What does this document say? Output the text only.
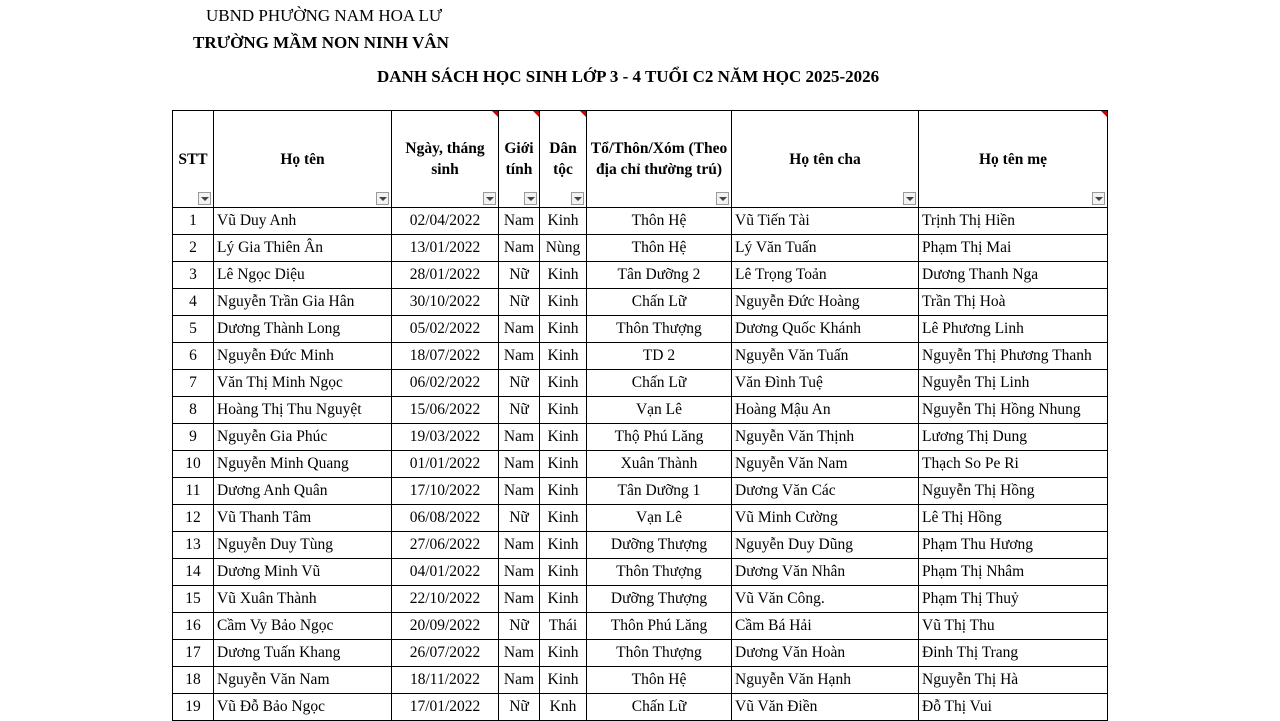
UBND PHƯỜNG NAM HOA LƯ
TRƯỜNG MẦM NON NINH VÂN
DANH SÁCH HỌC SINH LỚP 3 - 4 TUỔI C2 NĂM HỌC 2025-2026
STT	Họ tên	Ngày, tháng sinh	Giới tính	Dân tộc	Tổ/Thôn/Xóm (Theo địa chỉ thường trú)	Họ tên cha	Họ tên mẹ

1	Vũ Duy Anh	02/04/2022	Nam	Kinh	Thôn Hệ	Vũ Tiến Tài	Trịnh Thị Hiền
2	Lý Gia Thiên Ân	13/01/2022	Nam	Nùng	Thôn Hệ	Lý Văn Tuấn	Phạm Thị Mai
3	Lê Ngọc Diệu	28/01/2022	Nữ	Kinh	Tân Dưỡng 2	Lê Trọng Toản	Dương Thanh Nga
4	Nguyễn Trần Gia Hân	30/10/2022	Nữ	Kinh	Chấn Lữ	Nguyễn Đức Hoàng	Trần Thị Hoà
5	Dương Thành Long	05/02/2022	Nam	Kinh	Thôn Thượng	Dương Quốc Khánh	Lê Phương Linh
6	Nguyễn Đức Minh	18/07/2022	Nam	Kinh	TD 2	Nguyễn Văn Tuấn	Nguyễn Thị Phương Thanh
7	Văn Thị Minh Ngọc	06/02/2022	Nữ	Kinh	Chấn Lữ	Văn Đình Tuệ	Nguyễn Thị Linh
8	Hoàng Thị Thu Nguyệt	15/06/2022	Nữ	Kinh	Vạn Lê	Hoàng Mậu An	Nguyễn Thị Hồng Nhung
9	Nguyễn Gia Phúc	19/03/2022	Nam	Kinh	Thộ Phú Lăng	Nguyễn Văn Thịnh	Lương Thị Dung
10	Nguyễn Minh Quang	01/01/2022	Nam	Kinh	Xuân Thành	Nguyễn Văn Nam	Thạch So Pe Ri
11	Dương Anh Quân	17/10/2022	Nam	Kinh	Tân Dưỡng 1	Dương Văn Các	Nguyễn Thị Hồng
12	Vũ Thanh Tâm	06/08/2022	Nữ	Kinh	Vạn Lê	Vũ Minh Cường	Lê Thị Hồng
13	Nguyễn Duy Tùng	27/06/2022	Nam	Kinh	Dưỡng Thượng	Nguyễn Duy Dũng	Phạm Thu Hương
14	Dương Minh Vũ	04/01/2022	Nam	Kinh	Thôn Thượng	Dương Văn Nhân	Phạm Thị Nhâm
15	Vũ Xuân Thành	22/10/2022	Nam	Kinh	Dưỡng Thượng	Vũ Văn Công.	Phạm Thị Thuỷ
16	Cầm Vy Bảo Ngọc	20/09/2022	Nữ	Thái	Thôn Phú Lăng	Cầm Bá Hải	Vũ Thị Thu
17	Dương Tuấn Khang	26/07/2022	Nam	Kinh	Thôn Thượng	Dương Văn Hoàn	Đinh Thị Trang
18	Nguyễn Văn Nam	18/11/2022	Nam	Kinh	Thôn Hệ	Nguyễn Văn Hạnh	Nguyễn Thị Hà
19	Vũ Đỗ Bảo Ngọc	17/01/2022	Nữ	Knh	Chấn Lữ	Vũ Văn Điền	Đỗ Thị Vui
